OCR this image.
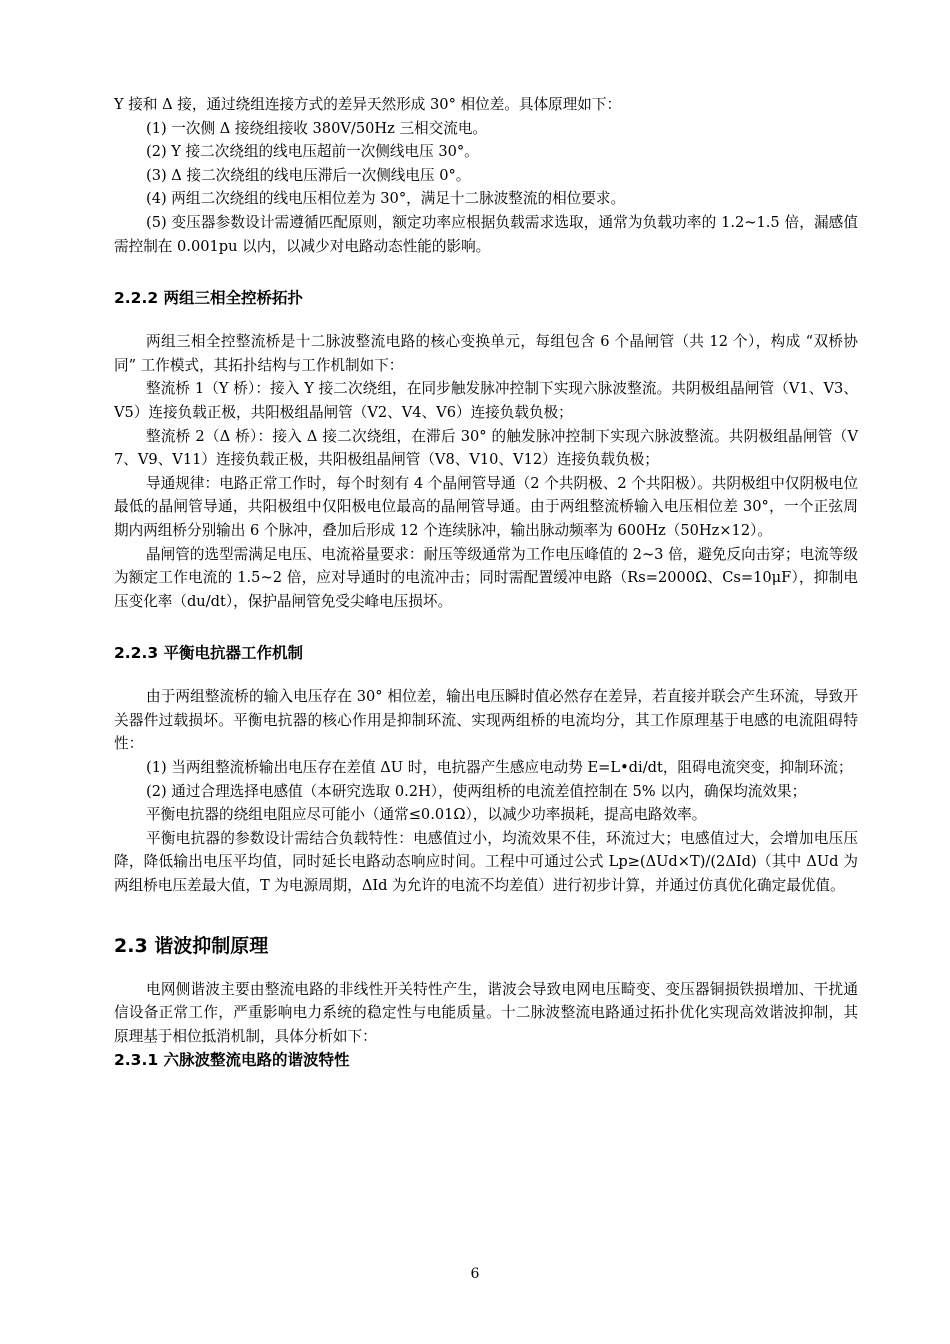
Y 接和 Δ 接，通过绕组连接方式的差异天然形成 30° 相位差。具体原理如下：

(1) 一次侧 Δ 接绕组接收 380V/50Hz 三相交流电。

(2) Y 接二次绕组的线电压超前一次侧线电压 30°。

(3) Δ 接二次绕组的线电压滞后一次侧线电压 0°。

(4) 两组二次绕组的线电压相位差为 30°，满足十二脉波整流的相位要求。

(5) 变压器参数设计需遵循匹配原则，额定功率应根据负载需求选取，通常为负载功率的 1.2~1.5 倍，漏感值需控制在 0.001pu 以内，以减少对电路动态性能的影响。

2.2.2 两组三相全控桥拓扑

两组三相全控整流桥是十二脉波整流电路的核心变换单元，每组包含 6 个晶闸管（共 12 个），构成 “双桥协同” 工作模式，其拓扑结构与工作机制如下：

整流桥 1（Y 桥）：接入 Y 接二次绕组，在同步触发脉冲控制下实现六脉波整流。共阴极组晶闸管（V1、V3、V5）连接负载正极，共阳极组晶闸管（V2、V4、V6）连接负载负极；

整流桥 2（Δ 桥）：接入 Δ 接二次绕组，在滞后 30° 的触发脉冲控制下实现六脉波整流。共阴极组晶闸管（V7、V9、V11）连接负载正极，共阳极组晶闸管（V8、V10、V12）连接负载负极；

导通规律：电路正常工作时，每个时刻有 4 个晶闸管导通（2 个共阴极、2 个共阳极）。共阴极组中仅阴极电位最低的晶闸管导通，共阳极组中仅阳极电位最高的晶闸管导通。由于两组整流桥输入电压相位差 30°，一个正弦周期内两组桥分别输出 6 个脉冲，叠加后形成 12 个连续脉冲，输出脉动频率为 600Hz（50Hz×12）。

晶闸管的选型需满足电压、电流裕量要求：耐压等级通常为工作电压峰值的 2~3 倍，避免反向击穿；电流等级为额定工作电流的 1.5~2 倍，应对导通时的电流冲击；同时需配置缓冲电路（Rs=2000Ω、Cs=10μF），抑制电压变化率（du/dt），保护晶闸管免受尖峰电压损坏。

2.2.3 平衡电抗器工作机制

由于两组整流桥的输入电压存在 30° 相位差，输出电压瞬时值必然存在差异，若直接并联会产生环流，导致开关器件过载损坏。平衡电抗器的核心作用是抑制环流、实现两组桥的电流均分，其工作原理基于电感的电流阻碍特性：

(1) 当两组整流桥输出电压存在差值 ΔU 时，电抗器产生感应电动势 E=L•di/dt，阻碍电流突变，抑制环流；

(2) 通过合理选择电感值（本研究选取 0.2H），使两组桥的电流差值控制在 5% 以内，确保均流效果；

平衡电抗器的绕组电阻应尽可能小（通常≤0.01Ω），以减少功率损耗，提高电路效率。

平衡电抗器的参数设计需结合负载特性：电感值过小，均流效果不佳，环流过大；电感值过大，会增加电压压降，降低输出电压平均值，同时延长电路动态响应时间。工程中可通过公式 Lp≥(ΔUd×T)/(2ΔId)（其中 ΔUd 为两组桥电压差最大值，T 为电源周期，ΔId 为允许的电流不均差值）进行初步计算，并通过仿真优化确定最优值。

2.3 谐波抑制原理

电网侧谐波主要由整流电路的非线性开关特性产生，谐波会导致电网电压畸变、变压器铜损铁损增加、干扰通信设备正常工作，严重影响电力系统的稳定性与电能质量。十二脉波整流电路通过拓扑优化实现高效谐波抑制，其原理基于相位抵消机制，具体分析如下：

2.3.1 六脉波整流电路的谐波特性
6
